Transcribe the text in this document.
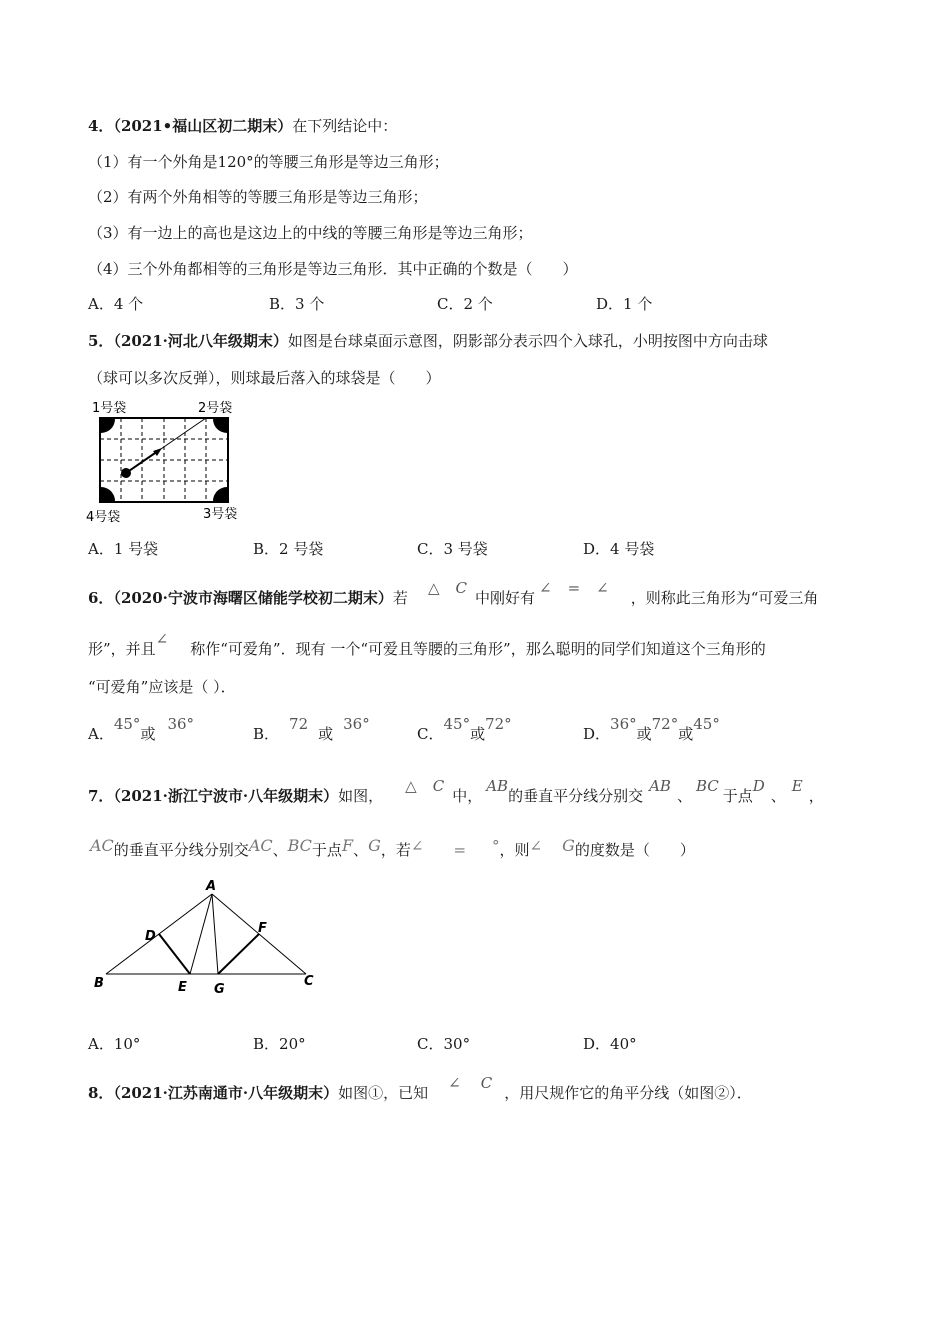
4．（2021•福山区初二期末）在下列结论中：
（1）有一个外角是120°的等腰三角形是等边三角形；
（2）有两个外角相等的等腰三角形是等边三角形；
（3）有一边上的高也是这边上的中线的等腰三角形是等边三角形；
（4）三个外角都相等的三角形是等边三角形．其中正确的个数是（　　）
A．4 个	B．3 个	C．2 个	D．1 个
5．（2021·河北八年级期末）如图是台球桌面示意图，阴影部分表示四个入球孔，小明按图中方向击球
（球可以多次反弹），则球最后落入的球袋是（　　）
1号袋	2号袋
4号袋	3号袋
A．1 号袋	B．2 号袋	C．3 号袋	D．4 号袋
6．（2020·宁波市海曙区储能学校初二期末）若△ C中刚好有∠ = ∠，则称此三角形为“可爱三角
形”，并且∠称作“可爱角”．现有 一个“可爱且等腰的三角形”，那么聪明的同学们知道这个三角形的
“可爱角”应该是（ ）．
A．45°或36°
B．72或36°
C．45°或72°
D．36°或72°或45°
7．（2021·浙江宁波市·八年级期末）如图，△ C中，AB的垂直平分线分别交AB、BC于点D、E，
AC的垂直平分线分别交AC、BC于点F、G，若∠ = °，则∠ G的度数是（　　）
A
B	C
D
E
F
G
A．10°	B．20°	C．30°	D．40°
8．（2021·江苏南通市·八年级期末）如图①，已知∠ C，用尺规作它的角平分线（如图②）．
